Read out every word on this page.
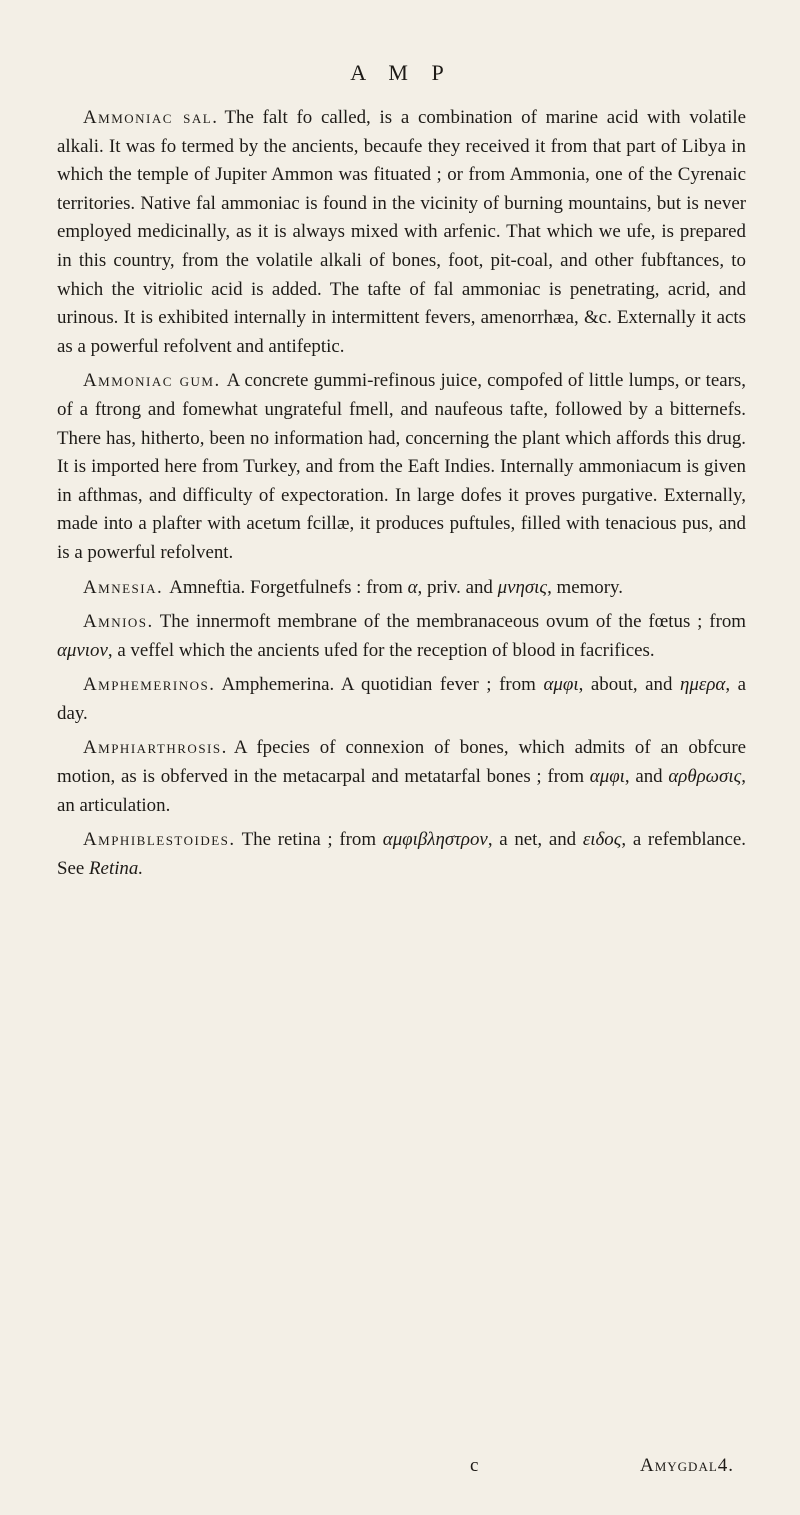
A M P

Ammoniac sal. The falt fo called, is a combination of marine acid with volatile alkali. It was fo termed by the ancients, becaufe they received it from that part of Libya in which the temple of Jupiter Ammon was fituated ; or from Ammonia, one of the Cyrenaic territories. Native fal ammoniac is found in the vicinity of burning mountains, but is never employed medicinally, as it is always mixed with arfenic. That which we ufe, is prepared in this country, from the volatile alkali of bones, foot, pit-coal, and other fubftances, to which the vitriolic acid is added. The tafte of fal ammoniac is penetrating, acrid, and urinous. It is exhibited internally in intermittent fevers, amenorrhæa, &c. Externally it acts as a powerful refolvent and antifeptic.

Ammoniac gum. A concrete gummi-refinous juice, compofed of little lumps, or tears, of a ftrong and fomewhat ungrateful fmell, and naufeous tafte, followed by a bitternefs. There has, hitherto, been no information had, concerning the plant which affords this drug. It is imported here from Turkey, and from the Eaft Indies. Internally ammoniacum is given in afthmas, and difficulty of expectoration. In large dofes it proves purgative. Externally, made into a plafter with acetum fcillæ, it produces puftules, filled with tenacious pus, and is a powerful refolvent.

Amnesia. Amneftia. Forgetfulnefs : from α, priv. and μνησις, memory.

Amnios. The innermoft membrane of the membranaceous ovum of the fœtus ; from αμνιον, a veffel which the ancients ufed for the reception of blood in facrifices.

Amphemerinos. Amphemerina. A quotidian fever ; from αμφι, about, and ημερα, a day.

Amphiarthrosis. A fpecies of connexion of bones, which admits of an obfcure motion, as is obferved in the metacarpal and metatarfal bones ; from αμφι, and αρθρωσις, an articulation.

Amphiblestoides. The retina ; from αμφιβληστρον, a net, and ειδος, a refemblance. See Retina.

c	Amygdal4.
